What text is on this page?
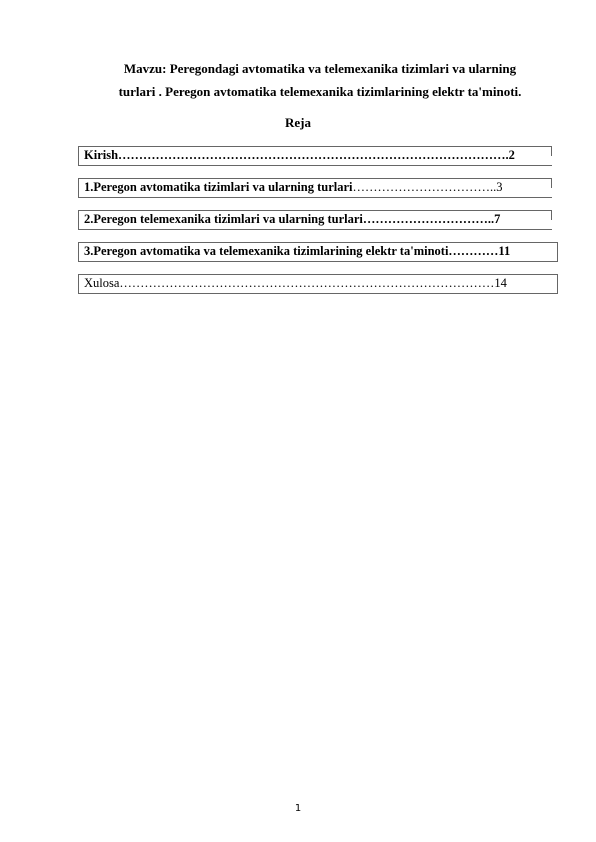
Mavzu: Peregondagi avtomatika va telemexanika tizimlari va ularning
turlari . Peregon avtomatika telemexanika tizimlarining elektr ta'minoti.
Reja
Kirish………………………………………………………………………………….2
1.Peregon avtomatika tizimlari va ularning turlari……………………………..3
2.Peregon telemexanika tizimlari va ularning turlari…………………………..7
3.Peregon avtomatika va telemexanika tizimlarining elektr ta'minoti…………11
Xulosa………………………………………………………………………………14
1
